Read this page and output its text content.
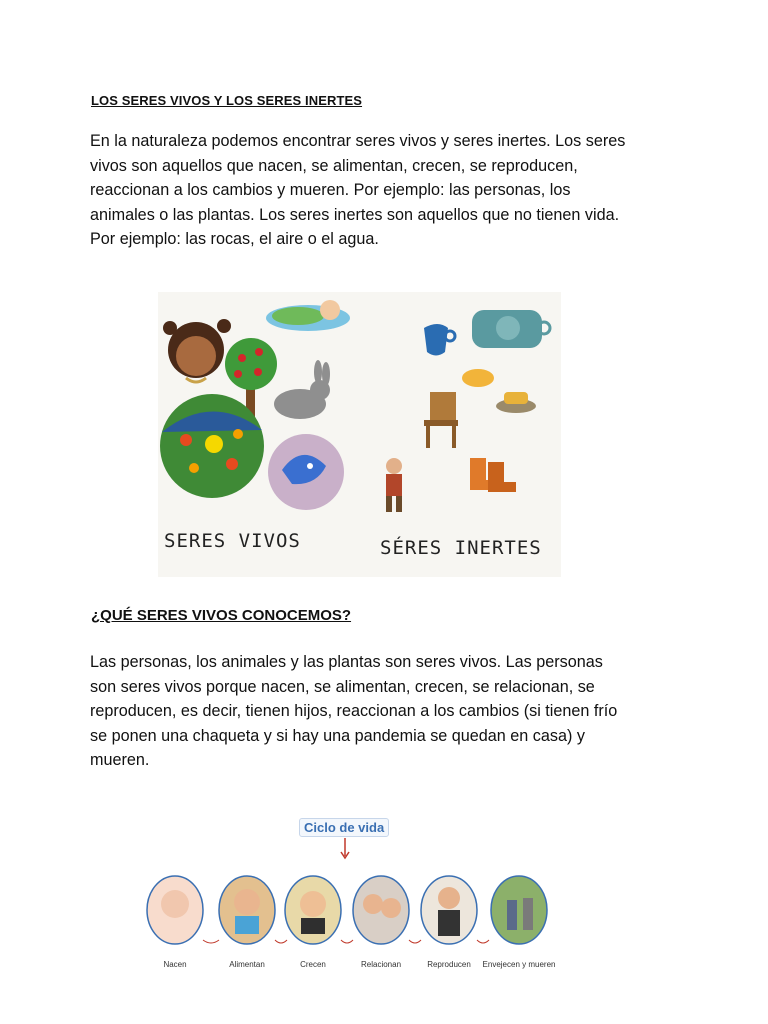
LOS SERES VIVOS Y LOS SERES INERTES

En la naturaleza podemos encontrar seres vivos y seres inertes. Los seres
vivos son aquellos que nacen, se alimentan, crecen, se reproducen,
reaccionan a los cambios y mueren. Por ejemplo: las personas, los
animales o las plantas. Los seres inertes son aquellos que no tienen vida.
Por ejemplo: las rocas, el aire o el agua.

SERES VIVOS	SÉRES INERTES
¿QUÉ SERES VIVOS CONOCEMOS?

Las personas, los animales y las plantas son seres vivos. Las personas
son seres vivos porque nacen, se alimentan, crecen, se relacionan, se
reproducen, es decir, tienen hijos, reaccionan a los cambios (si tienen frío
se ponen una chaqueta y si hay una pandemia se quedan en casa) y
mueren.

Ciclo de vida
Nacen	Alimentan	Crecen	Relacionan	Reproducen	Envejecen y mueren
